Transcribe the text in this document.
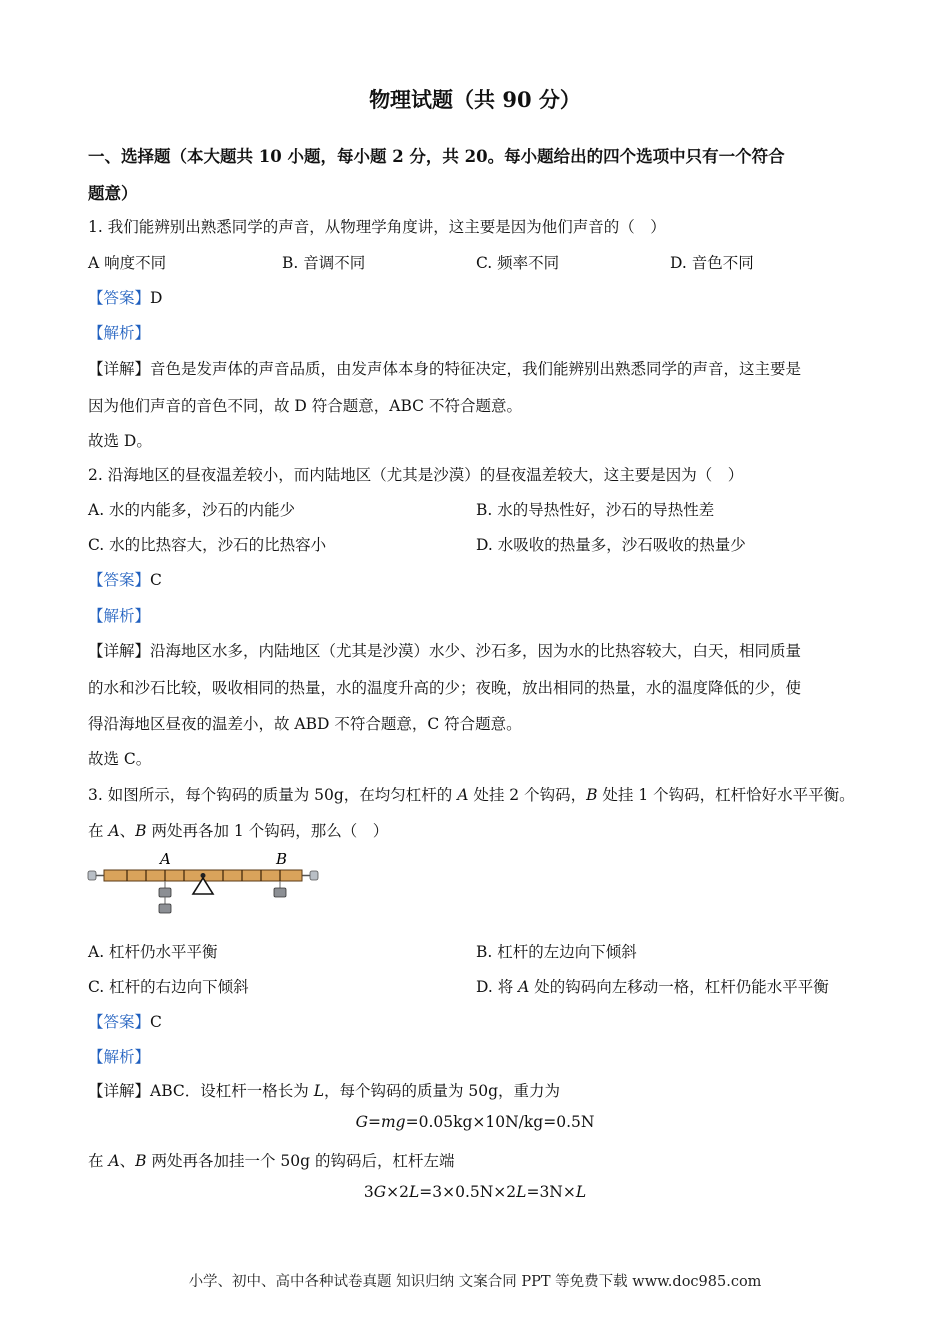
物理试题（共 90 分）
一、选择题（本大题共 10 小题，每小题 2 分，共 20。每小题给出的四个选项中只有一个符合
题意）
1. 我们能辨别出熟悉同学的声音，从物理学角度讲，这主要是因为他们声音的（　）
A 响度不同	B. 音调不同	C. 频率不同	D. 音色不同
【答案】D
【解析】
【详解】音色是发声体的声音品质，由发声体本身的特征决定，我们能辨别出熟悉同学的声音，这主要是
因为他们声音的音色不同，故 D 符合题意，ABC 不符合题意。
故选 D。
2. 沿海地区的昼夜温差较小，而内陆地区（尤其是沙漠）的昼夜温差较大，这主要是因为（　）
A. 水的内能多，沙石的内能少	B. 水的导热性好，沙石的导热性差
C. 水的比热容大，沙石的比热容小	D. 水吸收的热量多，沙石吸收的热量少
【答案】C
【解析】
【详解】沿海地区水多，内陆地区（尤其是沙漠）水少、沙石多，因为水的比热容较大，白天，相同质量
的水和沙石比较，吸收相同的热量，水的温度升高的少；夜晚，放出相同的热量，水的温度降低的少，使
得沿海地区昼夜的温差小，故 ABD 不符合题意，C 符合题意。
故选 C。
3. 如图所示，每个钩码的质量为 50g，在均匀杠杆的 A 处挂 2 个钩码，B 处挂 1 个钩码，杠杆恰好水平平衡。
在 A、B 两处再各加 1 个钩码，那么（　）
A	B
A. 杠杆仍水平平衡	B. 杠杆的左边向下倾斜
C. 杠杆的右边向下倾斜	D. 将 A 处的钩码向左移动一格，杠杆仍能水平平衡
【答案】C
【解析】
【详解】ABC．设杠杆一格长为 L，每个钩码的质量为 50g，重力为
G=mg=0.05kg×10N/kg=0.5N
在 A、B 两处再各加挂一个 50g 的钩码后，杠杆左端
3G×2L=3×0.5N×2L=3N×L
小学、初中、高中各种试卷真题 知识归纳 文案合同 PPT 等免费下载 www.doc985.com
